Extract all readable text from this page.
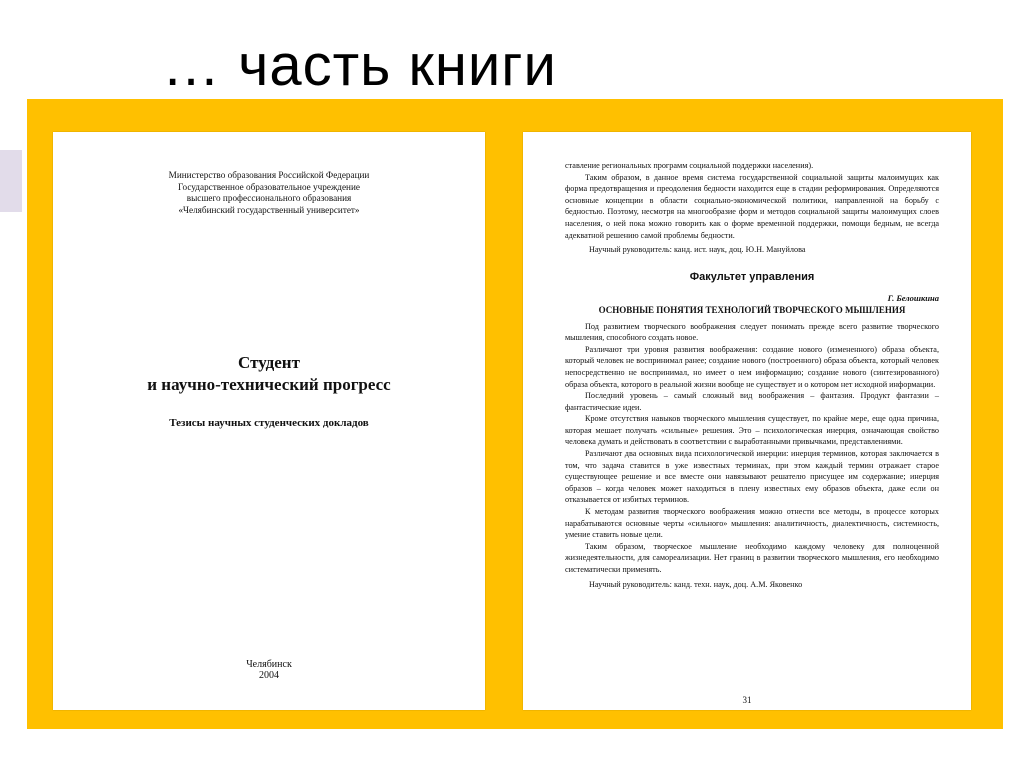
… часть книги
Министерство образования Российской Федерации
Государственное образовательное учреждение
высшего профессионального образования
«Челябинский государственный университет»
Студент
и научно-технический прогресс
Тезисы научных студенческих докладов
Челябинск
2004

ставление региональных программ социальной поддержки населения).

Таким образом, в данное время система государственной социальной защиты малоимущих как форма предотвращения и преодоления бедности находится еще в стадии реформирования. Определяются основные концепции в области социально-экономической политики, направленной на борьбу с бедностью. Поэтому, несмотря на многообразие форм и методов социальной защиты малоимущих слоев населения, о ней пока можно говорить как о форме временной поддержки, помощи бедным, не всегда адекватной решению самой проблемы бедности.

Научный руководитель: канд. ист. наук, доц. Ю.Н. Мануйлова

Факультет управления
Г. Белошкина
ОСНОВНЫЕ ПОНЯТИЯ ТЕХНОЛОГИЙ ТВОРЧЕСКОГО МЫШЛЕНИЯ

Под развитием творческого воображения следует понимать прежде всего развитие творческого мышления, способного создать новое.

Различают три уровня развития воображения: создание нового (измененного) образа объекта, который человек не воспринимал ранее; создание нового (построенного) образа объекта, который человек непосредственно не воспринимал, но имеет о нем информацию; создание нового (синтезированного) образа объекта, которого в реальной жизни вообще не существует и о котором нет исходной информации.

Последний уровень – самый сложный вид воображения – фантазия. Продукт фантазии – фантастические идеи.

Кроме отсутствия навыков творческого мышления существует, по крайне мере, еще одна причина, которая мешает получать «сильные» решения. Это – психологическая инерция, означающая свойство человека думать и действовать в соответствии с выработанными привычками, представлениями.

Различают два основных вида психологической инерции: инерция терминов, которая заключается в том, что задача ставится в уже известных терминах, при этом каждый термин отражает старое существующее решение и все вместе они навязывают решателю присущее им содержание; инерция образов – когда человек может находиться в плену известных ему образов объекта, даже если он отказывается от избитых терминов.

К методам развития творческого воображения можно отнести все методы, в процессе которых нарабатываются основные черты «сильного» мышления: аналитичность, диалектичность, системность, умение ставить новые цели.

Таким образом, творческое мышление необходимо каждому человеку для полноценной жизнедеятельности, для самореализации. Нет границ в развитии творческого мышления, его необходимо систематически применять.

Научный руководитель: канд. техн. наук, доц. А.М. Яковенко

31
